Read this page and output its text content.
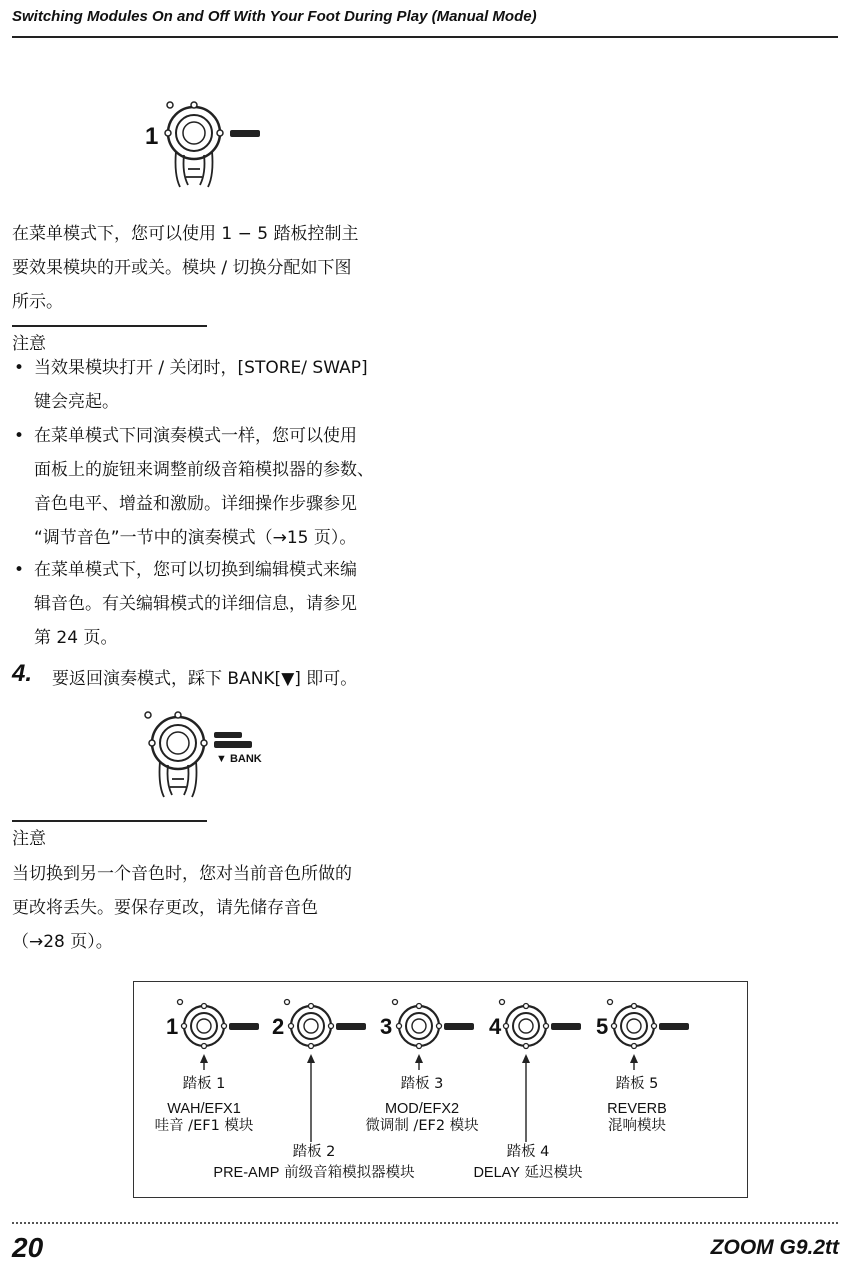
Switching Modules On and Off With Your Foot During Play (Manual Mode)
1
在菜单模式下，您可以使用 1 − 5 踏板控制主
要效果模块的开或关。模块 / 切换分配如下图
所示。
注意
• 当效果模块打开 / 关闭时，[STORE/ SWAP]
键会亮起。
• 在菜单模式下同演奏模式一样，您可以使用
面板上的旋钮来调整前级音箱模拟器的参数、
音色电平、增益和激励。详细操作步骤参见
“调节音色”一节中的演奏模式（→15 页）。
• 在菜单模式下，您可以切换到编辑模式来编
辑音色。有关编辑模式的详细信息，请参见
第 24 页。
4. 要返回演奏模式，踩下 BANK[▼] 即可。
▼ BANK
注意
当切换到另一个音色时，您对当前音色所做的
更改将丢失。要保存更改，请先储存音色
（→28 页）。
1	2	3	4	5
踏板 1
WAH/EFX1
哇音 /EF1 模块
踏板 2
PRE-AMP 前级音箱模拟器模块
踏板 3
MOD/EFX2
微调制 /EF2 模块
踏板 4
DELAY 延迟模块
踏板 5
REVERB
混响模块
20	ZOOM G9.2tt
